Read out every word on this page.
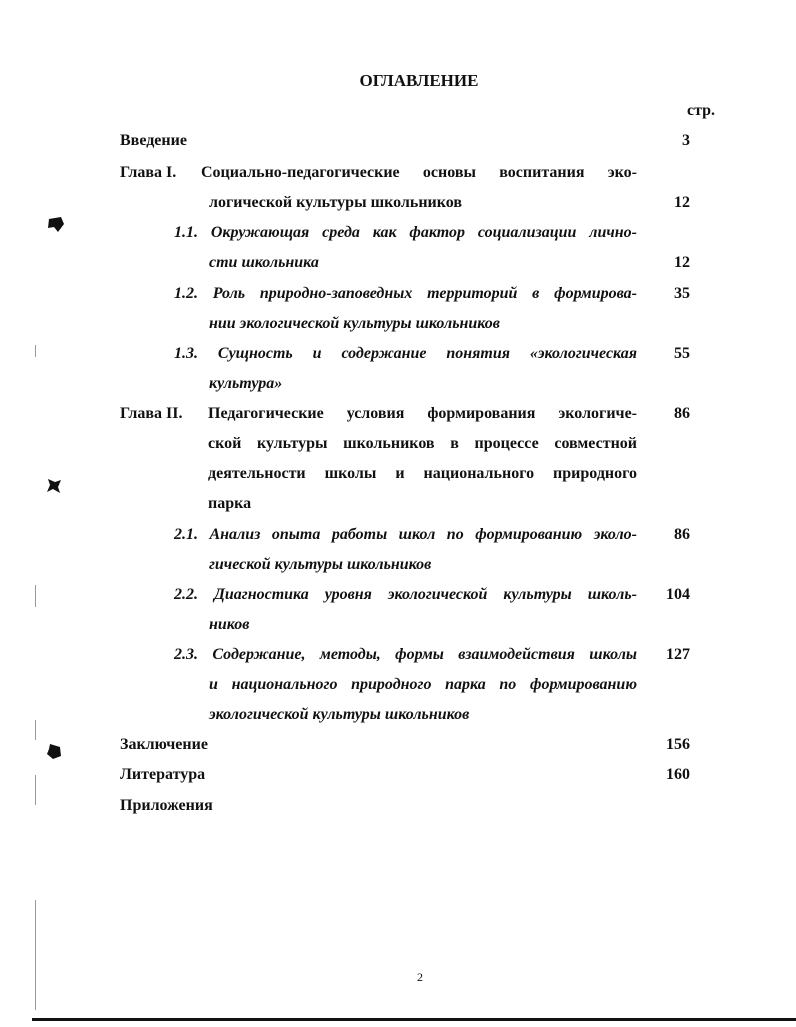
ОГЛАВЛЕНИЕ
стр.
Введение	3
Глава I. Социально-педагогические основы воспитания эко-
логической культуры школьников	12
1.1. Окружающая среда как фактор социализации лично-
сти школьника	12
1.2. Роль природно-заповедных территорий в формирова-	35
нии экологической культуры школьников
1.3. Сущность и содержание понятия «экологическая	55
культура»
Глава II. Педагогические условия формирования экологиче-	86
ской культуры школьников в процессе совместной
деятельности школы и национального природного
парка
2.1. Анализ опыта работы школ по формированию эколо-	86
гической культуры школьников
2.2. Диагностика уровня экологической культуры школь-	104
ников
2.3. Содержание, методы, формы взаимодействия школы	127
и национального природного парка по формированию
экологической культуры школьников
Заключение	156
Литература	160
Приложения
2
